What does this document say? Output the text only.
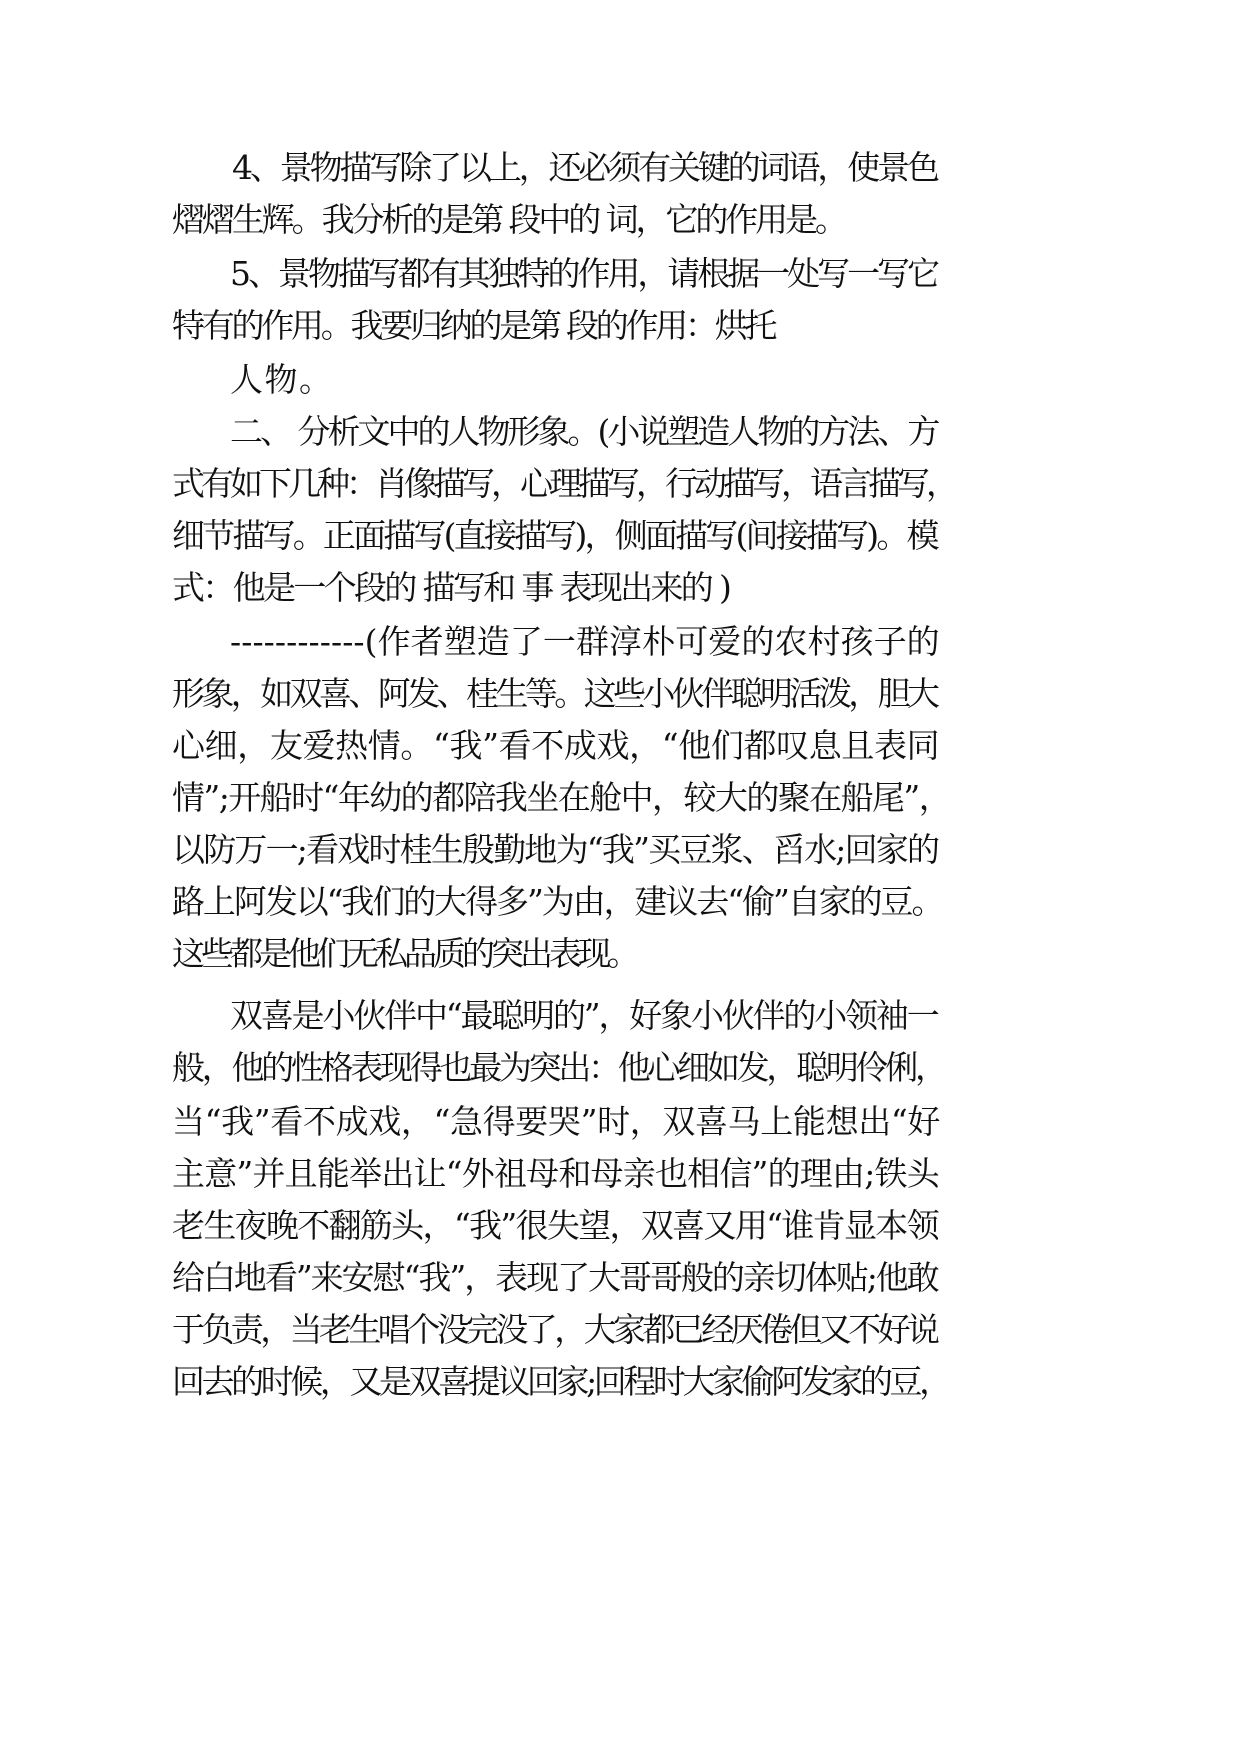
4、景物描写除了以上，还必须有关键的词语，使景色

熠熠生辉。我分析的是第 段中的 词，它的作用是。

5、景物描写都有其独特的作用，请根据一处写一写它

特有的作用。我要归纳的是第 段的作用：烘托

人物。

二、 分析文中的人物形象。(小说塑造人物的方法、方

式有如下几种：肖像描写，心理描写，行动描写，语言描写，

细节描写。正面描写(直接描写)，侧面描写(间接描写)。模

式：他是一个段的 描写和 事 表现出来的 )

------------(作者塑造了一群淳朴可爱的农村孩子的

形象，如双喜、阿发、桂生等。这些小伙伴聪明活泼，胆大

心细，友爱热情。“我”看不成戏，“他们都叹息且表同

情”;开船时“年幼的都陪我坐在舱中，较大的聚在船尾”，

以防万一;看戏时桂生殷勤地为“我”买豆浆、舀水;回家的

路上阿发以“我们的大得多”为由，建议去“偷”自家的豆。

这些都是他们无私品质的突出表现。

双喜是小伙伴中“最聪明的”，好象小伙伴的小领袖一

般，他的性格表现得也最为突出：他心细如发，聪明伶俐，

当“我”看不成戏，“急得要哭”时，双喜马上能想出“好

主意”并且能举出让“外祖母和母亲也相信”的理由;铁头

老生夜晚不翻筋头，“我”很失望，双喜又用“谁肯显本领

给白地看”来安慰“我”，表现了大哥哥般的亲切体贴;他敢

于负责，当老生唱个没完没了，大家都已经厌倦但又不好说

回去的时候，又是双喜提议回家;回程时大家偷阿发家的豆，
